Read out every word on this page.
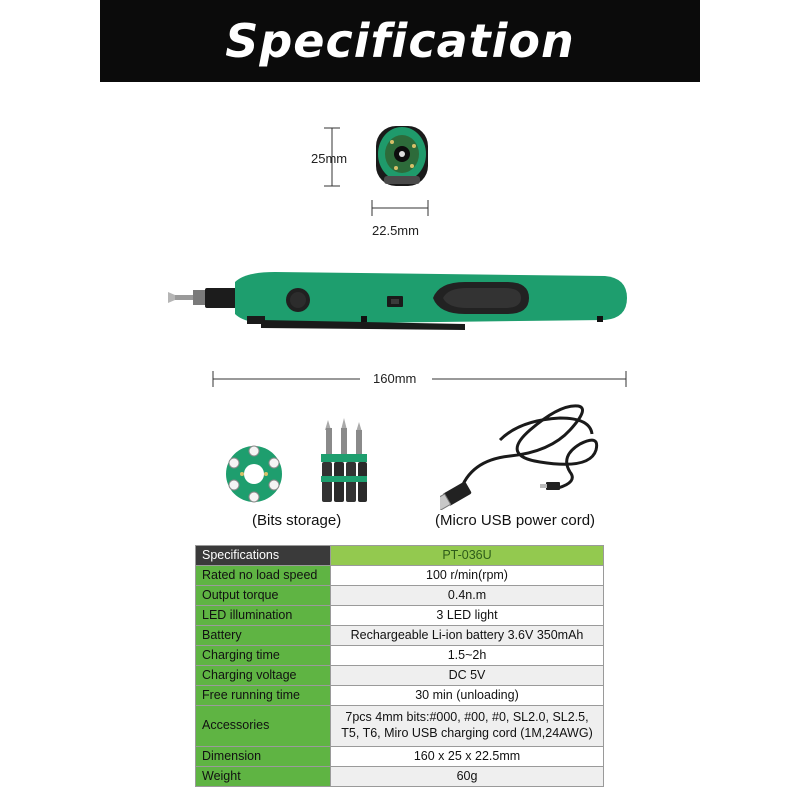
Specification
25mm
22.5mm
160mm
(Bits storage)	(Micro USB power cord)
Specifications	PT-036U
Rated no load speed	100 r/min(rpm)
Output torque	0.4n.m
LED illumination	3 LED light
Battery	Rechargeable Li-ion battery 3.6V 350mAh
Charging time	1.5~2h
Charging voltage	DC 5V
Free running time	30 min (unloading)
Accessories	7pcs 4mm bits:#000, #00, #0, SL2.0, SL2.5,
T5, T6, Miro USB charging cord (1M,24AWG)

Dimension	160 x 25 x 22.5mm
Weight	60g
